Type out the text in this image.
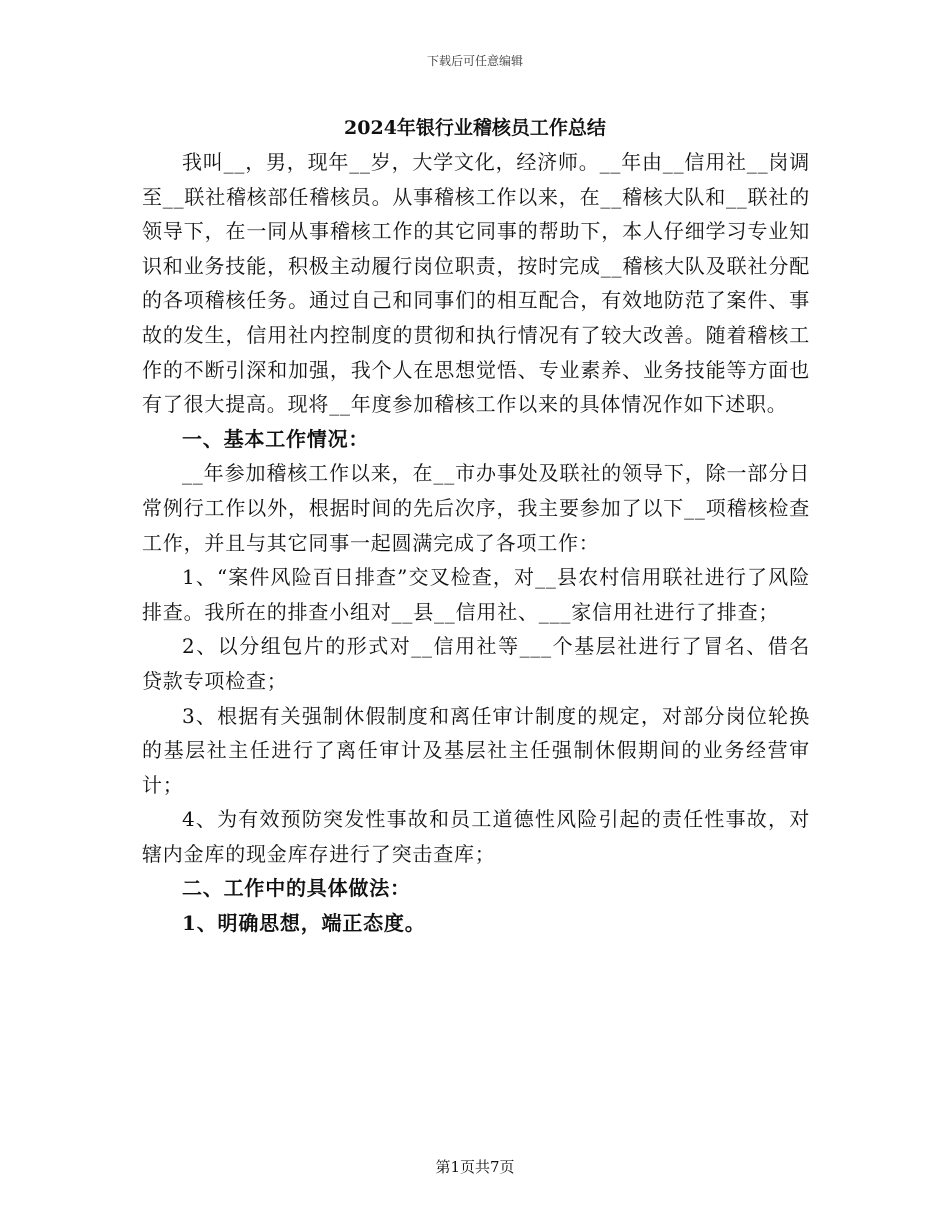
下载后可任意编辑
2024年银行业稽核员工作总结

我叫__，男，现年__岁，大学文化，经济师。__年由__信用社__岗调至__联社稽核部任稽核员。从事稽核工作以来，在__稽核大队和__联社的领导下，在一同从事稽核工作的其它同事的帮助下，本人仔细学习专业知识和业务技能，积极主动履行岗位职责，按时完成__稽核大队及联社分配的各项稽核任务。通过自己和同事们的相互配合，有效地防范了案件、事故的发生，信用社内控制度的贯彻和执行情况有了较大改善。随着稽核工作的不断引深和加强，我个人在思想觉悟、专业素养、业务技能等方面也有了很大提高。现将__年度参加稽核工作以来的具体情况作如下述职。

一、基本工作情况：

__年参加稽核工作以来，在__市办事处及联社的领导下，除一部分日常例行工作以外，根据时间的先后次序，我主要参加了以下__项稽核检查工作，并且与其它同事一起圆满完成了各项工作：

1、“案件风险百日排查”交叉检查，对__县农村信用联社进行了风险排查。我所在的排查小组对__县__信用社、___家信用社进行了排查；

2、以分组包片的形式对__信用社等___个基层社进行了冒名、借名贷款专项检查；

3、根据有关强制休假制度和离任审计制度的规定，对部分岗位轮换的基层社主任进行了离任审计及基层社主任强制休假期间的业务经营审计；

4、为有效预防突发性事故和员工道德性风险引起的责任性事故，对辖内金库的现金库存进行了突击查库；

二、工作中的具体做法：

1、明确思想，端正态度。

第1页共7页
